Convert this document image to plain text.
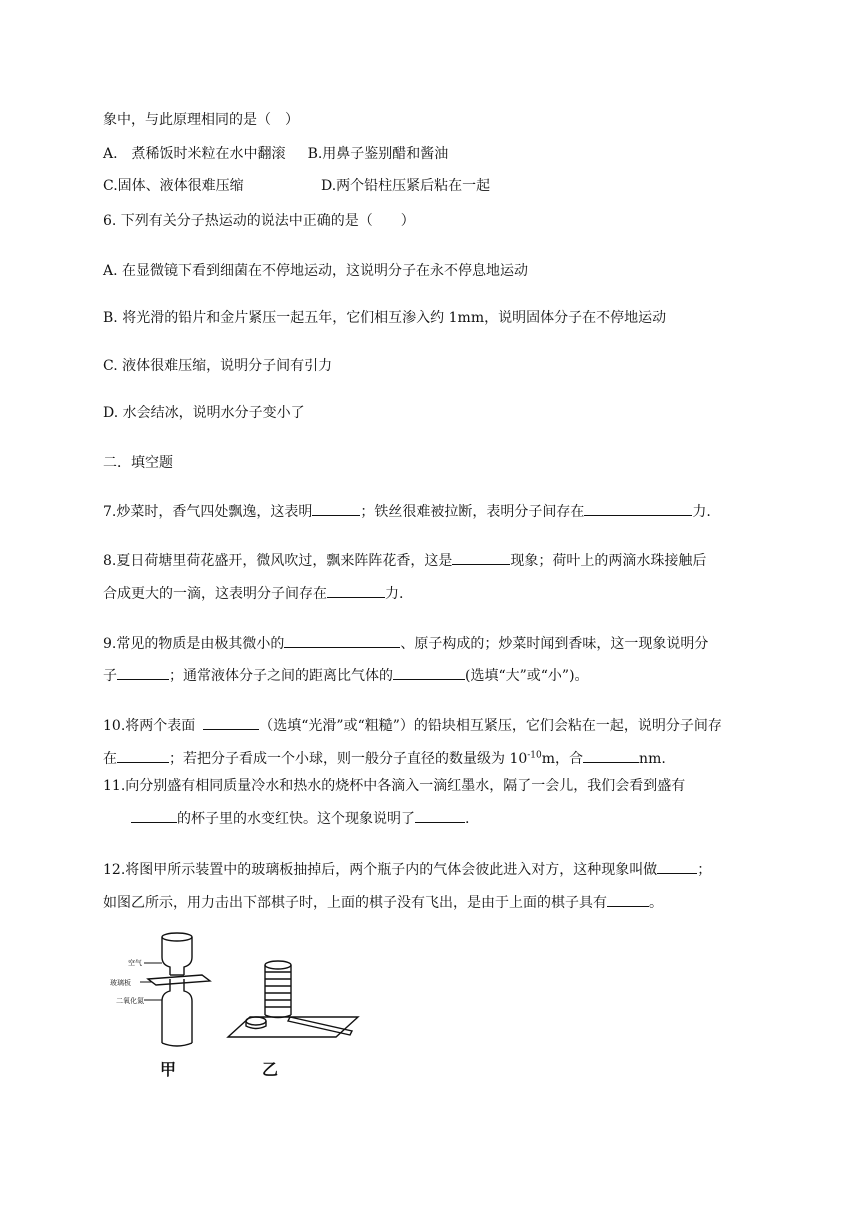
象中，与此原理相同的是（　）
A.　煮稀饭时米粒在水中翻滚 B.用鼻子鉴别醋和酱油
C.固体、液体很难压缩	D.两个铅柱压紧后粘在一起
6. 下列有关分子热运动的说法中正确的是（　　）
A. 在显微镜下看到细菌在不停地运动，这说明分子在永不停息地运动
B. 将光滑的铅片和金片紧压一起五年，它们相互渗入约 1mm，说明固体分子在不停地运动
C. 液体很难压缩，说明分子间有引力
D. 水会结冰，说明水分子变小了
二．填空题
7.炒菜时，香气四处飘逸，这表明	；铁丝很难被拉断，表明分子间存在	力.
8.夏日荷塘里荷花盛开，微风吹过，飘来阵阵花香，这是	现象；荷叶上的两滴水珠接触后
合成更大的一滴，这表明分子间存在	力.
9.常见的物质是由极其微小的	、原子构成的；炒菜时闻到香味，这一现象说明分
子	；通常液体分子之间的距离比气体的	(选填“大”或“小”)。
10.将两个表面	（选填“光滑”或“粗糙”）的铅块相互紧压，它们会粘在一起，说明分子间存
在	；若把分子看成一个小球，则一般分子直径的数量级为 $10^{-10}m$，合	nm.
11.向分别盛有相同质量冷水和热水的烧杯中各滴入一滴红墨水，隔了一会儿，我们会看到盛有
的杯子里的水变红快。这个现象说明了	.
12.将图甲所示装置中的玻璃板抽掉后，两个瓶子内的气体会彼此进入对方，这种现象叫做	；
如图乙所示，用力击出下部棋子时，上面的棋子没有飞出，是由于上面的棋子具有	。
空气
玻璃板
二氧化氮
甲	乙
